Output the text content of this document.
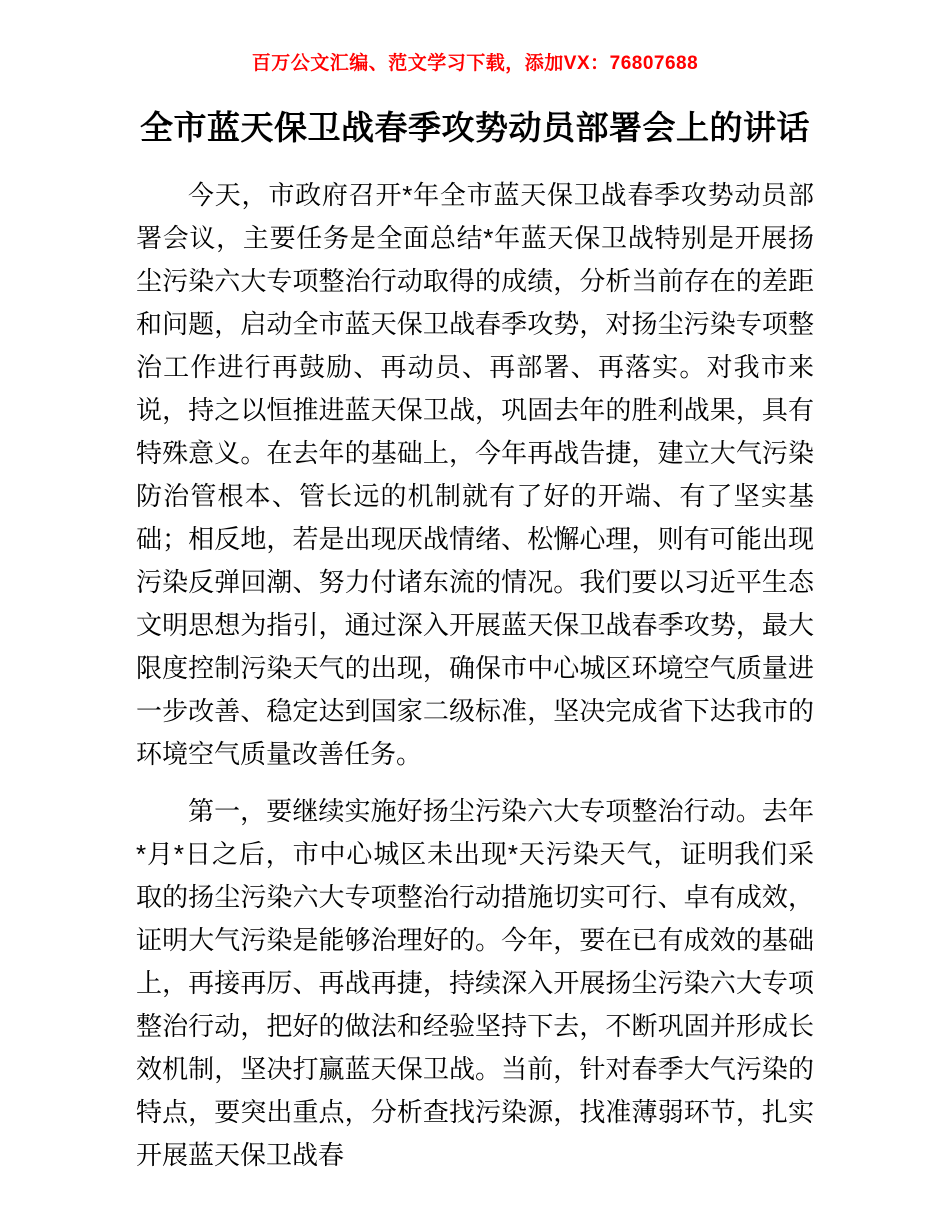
百万公文汇编、范文学习下载，添加VX：76807688
全市蓝天保卫战春季攻势动员部署会上的讲话

今天，市政府召开*年全市蓝天保卫战春季攻势动员部署会议，主要任务是全面总结*年蓝天保卫战特别是开展扬尘污染六大专项整治行动取得的成绩，分析当前存在的差距和问题，启动全市蓝天保卫战春季攻势，对扬尘污染专项整治工作进行再鼓励、再动员、再部署、再落实。对我市来说，持之以恒推进蓝天保卫战，巩固去年的胜利战果，具有特殊意义。在去年的基础上，今年再战告捷，建立大气污染防治管根本、管长远的机制就有了好的开端、有了坚实基础；相反地，若是出现厌战情绪、松懈心理，则有可能出现污染反弹回潮、努力付诸东流的情况。我们要以习近平生态文明思想为指引，通过深入开展蓝天保卫战春季攻势，最大限度控制污染天气的出现，确保市中心城区环境空气质量进一步改善、稳定达到国家二级标准，坚决完成省下达我市的环境空气质量改善任务。

第一，要继续实施好扬尘污染六大专项整治行动。去年*月*日之后，市中心城区未出现*天污染天气，证明我们采取的扬尘污染六大专项整治行动措施切实可行、卓有成效，证明大气污染是能够治理好的。今年，要在已有成效的基础上，再接再厉、再战再捷，持续深入开展扬尘污染六大专项整治行动，把好的做法和经验坚持下去，不断巩固并形成长效机制，坚决打赢蓝天保卫战。当前，针对春季大气污染的特点，要突出重点，分析查找污染源，找准薄弱环节，扎实开展蓝天保卫战春
